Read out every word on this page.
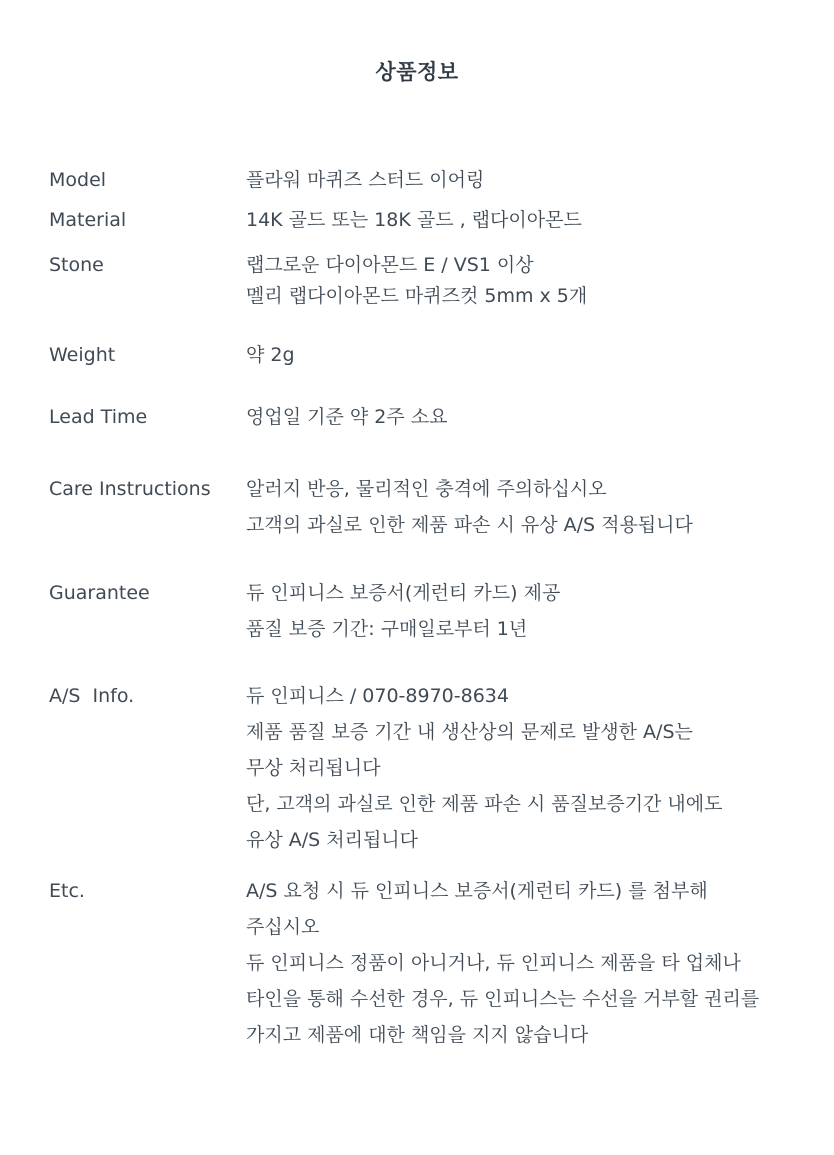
상품정보
Model	플라워 마퀴즈 스터드 이어링
Material	14K 골드 또는 18K 골드 , 랩다이아몬드
Stone	랩그로운 다이아몬드 E / VS1 이상
멜리 랩다이아몬드 마퀴즈컷 5mm x 5개
Weight	약 2g
Lead Time	영업일 기준 약 2주 소요
Care Instructions	알러지 반응, 물리적인 충격에 주의하십시오
고객의 과실로 인한 제품 파손 시 유상 A/S 적용됩니다
Guarantee	듀 인피니스 보증서(게런티 카드) 제공
품질 보증 기간: 구매일로부터 1년
A/S  Info.	듀 인피니스 / 070-8970-8634
제품 품질 보증 기간 내 생산상의 문제로 발생한 A/S는
무상 처리됩니다
단, 고객의 과실로 인한 제품 파손 시 품질보증기간 내에도
유상 A/S 처리됩니다
Etc.	A/S 요청 시 듀 인피니스 보증서(게런티 카드) 를 첨부해
주십시오
듀 인피니스 정품이 아니거나, 듀 인피니스 제품을 타 업체나
타인을 통해 수선한 경우, 듀 인피니스는 수선을 거부할 권리를
가지고 제품에 대한 책임을 지지 않습니다
